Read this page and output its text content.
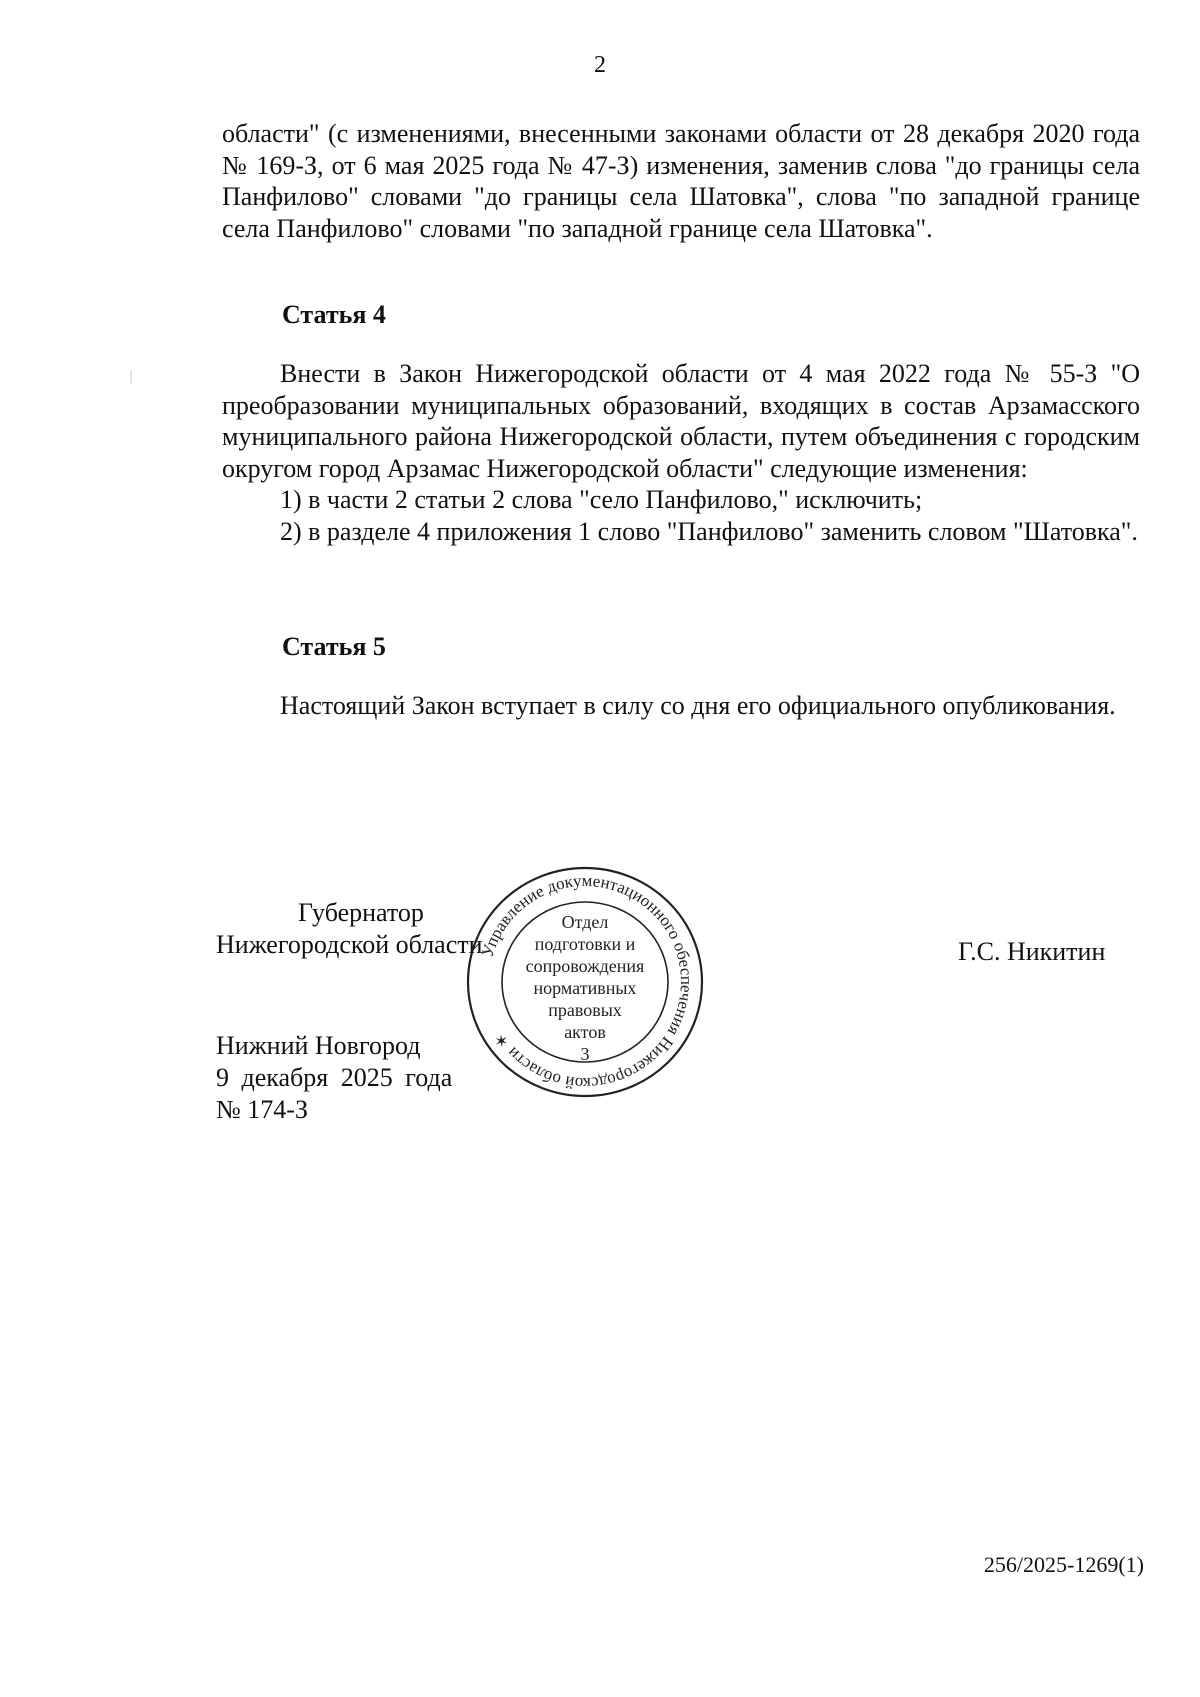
2
области" (с изменениями, внесенными законами области от 28 декабря 2020 года № 169-З, от 6 мая 2025 года № 47-З) изменения, заменив слова "до границы села Панфилово" словами "до границы села Шатовка", слова "по западной границе села Панфилово" словами "по западной границе села Шатовка".
Статья 4
Внести в Закон Нижегородской области от 4 мая 2022 года № 55-З "О преобразовании муниципальных образований, входящих в состав Арзамасского муниципального района Нижегородской области, путем объединения с городским округом город Арзамас Нижегородской области" следующие изменения:
1) в части 2 статьи 2 слова "село Панфилово," исключить;
2) в разделе 4 приложения 1 слово "Панфилово" заменить словом "Шатовка".
Статья 5
Настоящий Закон вступает в силу со дня его официального опубликования.
Губернатор
Нижегородской области	Г.С. Никитин
Нижний Новгород
9 декабря 2025 года
№ 174-З
Управление документационного обеспечения Нижегородской области ✶
Отдел
подготовки и
сопровождения
нормативных
правовых
актов
3
256/2025-1269(1)
